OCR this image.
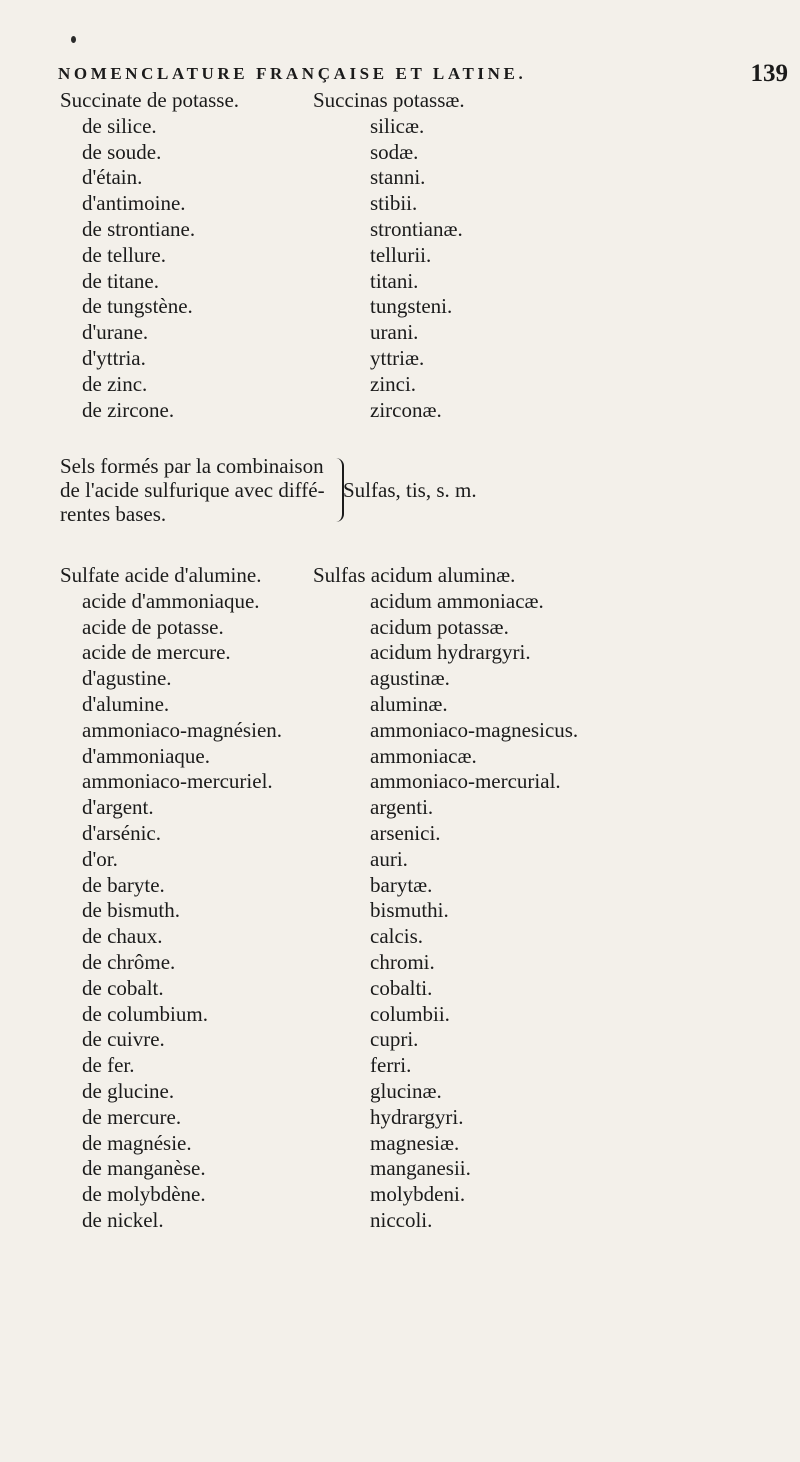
NOMENCLATURE FRANÇAISE ET LATINE.	139
Succinate de potasse.	Succinas potassæ.
de silice.	silicæ.
de soude.	sodæ.
d'étain.	stanni.
d'antimoine.	stibii.
de strontiane.	strontianæ.
de tellure.	tellurii.
de titane.	titani.
de tungstène.	tungsteni.
d'urane.	urani.
d'yttria.	yttriæ.
de zinc.	zinci.
de zircone.	zirconæ.
Sels formés par la combinaison
de l'acide sulfurique avec diffé-
rentes bases.
Sulfas, tis, s. m.
Sulfate acide d'alumine. Sulfas acidum aluminæ.
acide d'ammoniaque.	acidum ammoniacæ.
acide de potasse.	acidum potassæ.
acide de mercure.	acidum hydrargyri.
d'agustine.	agustinæ.
d'alumine.	aluminæ.
ammoniaco-magnésien.	ammoniaco-magnesicus.
d'ammoniaque.	ammoniacæ.
ammoniaco-mercuriel.	ammoniaco-mercurial.
d'argent.	argenti.
d'arsénic.	arsenici.
d'or.	auri.
de baryte.	barytæ.
de bismuth.	bismuthi.
de chaux.	calcis.
de chrôme.	chromi.
de cobalt.	cobalti.
de columbium.	columbii.
de cuivre.	cupri.
de fer.	ferri.
de glucine.	glucinæ.
de mercure.	hydrargyri.
de magnésie.	magnesiæ.
de manganèse.	manganesii.
de molybdène.	molybdeni.
de nickel.	niccoli.
